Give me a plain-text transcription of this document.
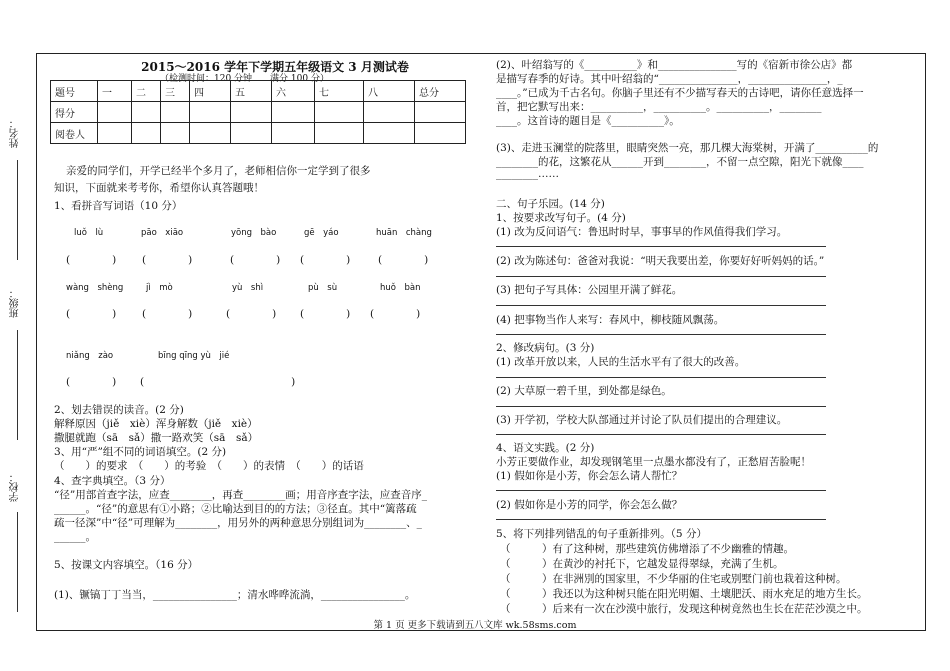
姓名：
班级：
学校：
2015～2016 学年下学期五年级语文 3 月测试卷
（检测时间：120 分钟　　满分 100 分）
题号	一	二	三	四	五	六	七	八	总分
得分									
阅卷人									
亲爱的同学们，开学已经半个多月了，老师相信你一定学到了很多
知识，下面就来考考你，希望你认真答题哦！
1、看拼音写词语（10 分）
luǒ　lù	pāo　xiāo	yōng　bào	gē　yáo	huān　chàng
(　　　　) (　　　　)	(　　　　) (　　　　)	(　　　　)
wàng　shèng	jì　mò	yù　shì	pù　sù	huǒ　bàn
(　　　　) (　　　　)	(　　　　) (　　　　) (　　　　)
niǎng　zào	bīng qīng yù　jié
(　　　　) (　　　　　　　　　　　　　　)
2、划去错误的读音。(2 分)
解释原因（jiě　xiè）浑身解数（jiě　xiè）
撒腿就跑（sā　sǎ）撒一路欢笑（sā　sǎ）
3、用“严”组不同的词语填空。(2 分)
（　　）的要求　（　　）的考验　（　　）的表情　（　　）的话语
4、查字典填空。（3 分）
“径”用部首查字法，应查________，再查________画；用音序查字法，应查音序_
______。“径”的意思有①小路；②比喻达到目的的方法；③径直。其中“篱落疏
疏一径深”中“径”可理解为________，用另外的两种意思分别组词为________、_
______。
5、按课文内容填空。（16 分）
(1)、镢镐丁丁当当，________________；清水哗哗流淌，________________。
(2)、叶绍翁写的《__________》和_______________写的《宿新市徐公店》都
是描写春季的好诗。其中叶绍翁的“_______________，_______________，_
____。”已成为千古名句。你脑子里还有不少描写春天的古诗吧，请你任意选择一
首，把它默写出来：__________，__________。__________，________
____。这首诗的题目是《__________》。
(3)、走进玉澜堂的院落里，眼睛突然一亮，那几棵大海棠树，开满了__________的
________的花，这繁花从______开到________，不留一点空隙，阳光下就像____
________……
二、句子乐园。(14 分)
1、按要求改写句子。(4 分)
(1) 改为反问语气：鲁迅时时早，事事早的作风值得我们学习。
(2) 改为陈述句：爸爸对我说：“明天我要出差，你要好好听妈妈的话。”
(3) 把句子写具体：公园里开满了鲜花。
(4) 把事物当作人来写：春风中，柳枝随风飘荡。
2、修改病句。(3 分)
(1) 改革开放以来，人民的生活水平有了很大的改善。
(2) 大草原一碧千里，到处都是绿色。
(3) 开学初，学校大队部通过并讨论了队员们提出的合理建议。
4、语文实践。(2 分)
小芳正要做作业，却发现钢笔里一点墨水都没有了，正愁眉苦脸呢！
(1) 假如你是小芳，你会怎么请人帮忙？
(2) 假如你是小芳的同学，你会怎么做？
5、将下列排列错乱的句子重新排列。（5 分）
（　　　）有了这种树，那些建筑仿佛增添了不少幽雅的情趣。
（　　　）在黄沙的衬托下，它越发显得翠绿，充满了生机。
（　　　）在非洲別的国家里，不少华丽的住宅或别墅门前也栽着这种树。
（　　　）我还以为这种树只能在阳光明媚、土壤肥沃、雨水充足的地方生长。
（　　　）后来有一次在沙漠中旅行，发现这种树竟然也生长在茫茫沙漠之中。
第 1 页 更多下载请到五八文库 wk.58sms.com
